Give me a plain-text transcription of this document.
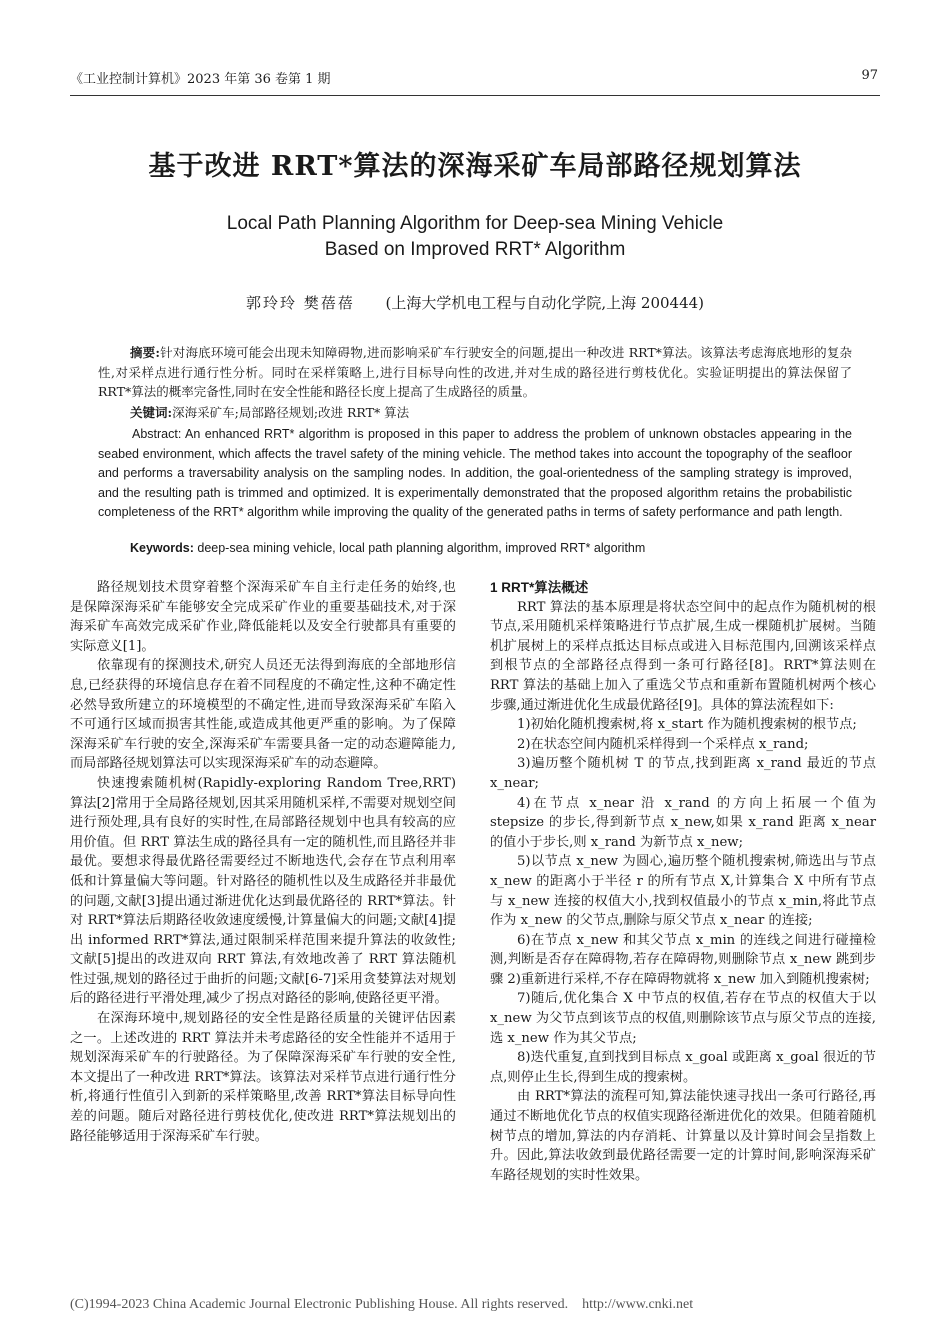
《工业控制计算机》2023 年第 36 卷第 1 期	97
基于改进 RRT*算法的深海采矿车局部路径规划算法
Local Path Planning Algorithm for Deep-sea Mining Vehicle
Based on Improved RRT* Algorithm
郭玲玲 樊蓓蓓 (上海大学机电工程与自动化学院,上海 200444)

摘要:针对海底环境可能会出现未知障碍物,进而影响采矿车行驶安全的问题,提出一种改进 RRT*算法。该算法考虑海底地形的复杂性,对采样点进行通行性分析。同时在采样策略上,进行目标导向性的改进,并对生成的路径进行剪枝优化。实验证明提出的算法保留了 RRT*算法的概率完备性,同时在安全性能和路径长度上提高了生成路径的质量。

关键词:深海采矿车;局部路径规划;改进 RRT* 算法

Abstract: An enhanced RRT* algorithm is proposed in this paper to address the problem of unknown obstacles appearing in the seabed environment, which affects the travel safety of the mining vehicle. The method takes into account the topography of the seafloor and performs a traversability analysis on the sampling nodes. In addition, the goal-orientedness of the sampling strategy is improved, and the resulting path is trimmed and optimized. It is experimentally demonstrated that the proposed algorithm retains the probabilistic completeness of the RRT* algorithm while improving the quality of the generated paths in terms of safety performance and path length.

Keywords: deep-sea mining vehicle, local path planning algorithm, improved RRT* algorithm

路径规划技术贯穿着整个深海采矿车自主行走任务的始终,也是保障深海采矿车能够安全完成采矿作业的重要基础技术,对于深海采矿车高效完成采矿作业,降低能耗以及安全行驶都具有重要的实际意义[1]。

依靠现有的探测技术,研究人员还无法得到海底的全部地形信息,已经获得的环境信息存在着不同程度的不确定性,这种不确定性必然导致所建立的环境模型的不确定性,进而导致深海采矿车陷入不可通行区域而损害其性能,或造成其他更严重的影响。为了保障深海采矿车行驶的安全,深海采矿车需要具备一定的动态避障能力,而局部路径规划算法可以实现深海采矿车的动态避障。

快速搜索随机树(Rapidly-exploring Random Tree,RRT)算法[2]常用于全局路径规划,因其采用随机采样,不需要对规划空间进行预处理,具有良好的实时性,在局部路径规划中也具有较高的应用价值。但 RRT 算法生成的路径具有一定的随机性,而且路径并非最优。要想求得最优路径需要经过不断地迭代,会存在节点利用率低和计算量偏大等问题。针对路径的随机性以及生成路径并非最优的问题,文献[3]提出通过渐进优化达到最优路径的 RRT*算法。针对 RRT*算法后期路径收敛速度缓慢,计算量偏大的问题;文献[4]提出 informed RRT*算法,通过限制采样范围来提升算法的收敛性;文献[5]提出的改进双向 RRT 算法,有效地改善了 RRT 算法随机性过强,规划的路径过于曲折的问题;文献[6-7]采用贪婪算法对规划后的路径进行平滑处理,减少了拐点对路径的影响,使路径更平滑。

在深海环境中,规划路径的安全性是路径质量的关键评估因素之一。上述改进的 RRT 算法并未考虑路径的安全性能并不适用于规划深海采矿车的行驶路径。为了保障深海采矿车行驶的安全性,本文提出了一种改进 RRT*算法。该算法对采样节点进行通行性分析,将通行性值引入到新的采样策略里,改善 RRT*算法目标导向性差的问题。随后对路径进行剪枝优化,使改进 RRT*算法规划出的路径能够适用于深海采矿车行驶。

1 RRT*算法概述

RRT 算法的基本原理是将状态空间中的起点作为随机树的根节点,采用随机采样策略进行节点扩展,生成一棵随机扩展树。当随机扩展树上的采样点抵达目标点或进入目标范围内,回溯该采样点到根节点的全部路径点得到一条可行路径[8]。RRT*算法则在 RRT 算法的基础上加入了重选父节点和重新布置随机树两个核心步骤,通过渐进优化生成最优路径[9]。具体的算法流程如下:

1)初始化随机搜索树,将 x_start 作为随机搜索树的根节点;

2)在状态空间内随机采样得到一个采样点 x_rand;

3)遍历整个随机树 T 的节点,找到距离 x_rand 最近的节点 x_near;

4)在节点 x_near 沿 x_rand 的方向上拓展一个值为 stepsize 的步长,得到新节点 x_new,如果 x_rand 距离 x_near 的值小于步长,则 x_rand 为新节点 x_new;

5)以节点 x_new 为圆心,遍历整个随机搜索树,筛选出与节点 x_new 的距离小于半径 r 的所有节点 X,计算集合 X 中所有节点与 x_new 连接的权值大小,找到权值最小的节点 x_min,将此节点作为 x_new 的父节点,删除与原父节点 x_near 的连接;

6)在节点 x_new 和其父节点 x_min 的连线之间进行碰撞检测,判断是否存在障碍物,若存在障碍物,则删除节点 x_new 跳到步骤 2)重新进行采样,不存在障碍物就将 x_new 加入到随机搜索树;

7)随后,优化集合 X 中节点的权值,若存在节点的权值大于以 x_new 为父节点到该节点的权值,则删除该节点与原父节点的连接,选 x_new 作为其父节点;

8)迭代重复,直到找到目标点 x_goal 或距离 x_goal 很近的节点,则停止生长,得到生成的搜索树。

由 RRT*算法的流程可知,算法能快速寻找出一条可行路径,再通过不断地优化节点的权值实现路径渐进优化的效果。但随着随机树节点的增加,算法的内存消耗、计算量以及计算时间会呈指数上升。因此,算法收敛到最优路径需要一定的计算时间,影响深海采矿车路径规划的实时性效果。

(C)1994-2023 China Academic Journal Electronic Publishing House. All rights reserved. http://www.cnki.net
